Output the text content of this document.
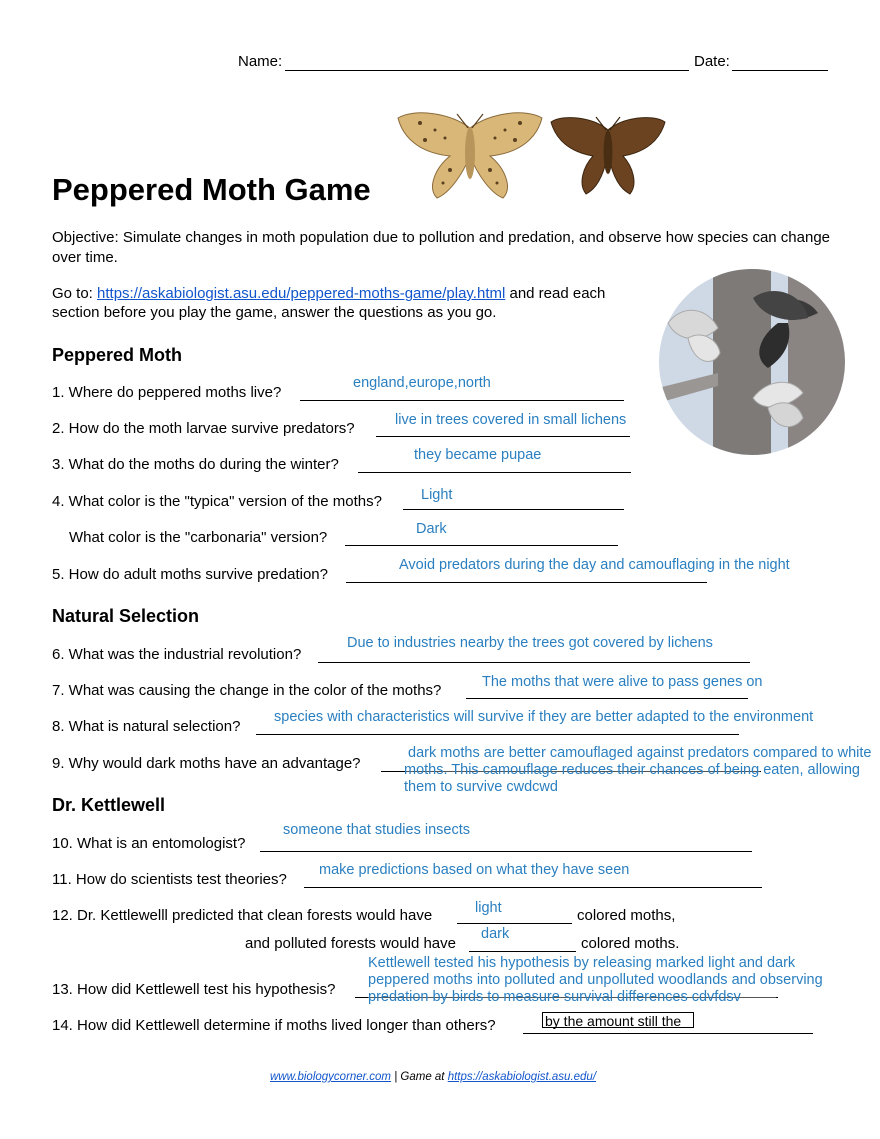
Name:	Date:
Peppered Moth Game
Objective: Simulate changes in moth population due to pollution and predation, and observe how species can change over time.
Go to: https://askabiologist.asu.edu/peppered-moths-game/play.html and read each
section before you play the game, answer the questions as you go.
Peppered Moth
1. Where do peppered moths live?
england,europe,north
2. How do the moth larvae survive predators?	live in trees covered in small lichens
3. What do the moths do during the winter?
they became pupae
4. What color is the "typica" version of the moths?	Light
What color is the "carbonaria" version?	Dark
5. How do adult moths survive predation?
Avoid predators during the day and camouflaging in the night
Natural Selection
6. What was the industrial revolution?
Due to industries nearby the trees got covered by lichens
7. What was causing the change in the color of the moths?	The moths that were alive to pass genes on
8. What is natural selection?
species with characteristics will survive if they are better adapted to the environment
9. Why would dark moths have an advantage?
dark moths are better camouflaged against predators compared to white moths. This camouflage reduces their chances of being eaten, allowing them to survive cwdcwd
Dr. Kettlewell
10. What is an entomologist?
someone that studies insects
11. How do scientists test theories?
make predictions based on what they have seen
12. Dr. Kettlewelll predicted that clean forests would have	colored moths,
light
and polluted forests would have	colored moths.
dark
13. How did Kettlewell test his hypothesis?
Kettlewell tested his hypothesis by releasing marked light and dark peppered moths into polluted and unpolluted woodlands and observing predation by birds to measure survival differences cdvfdsv
14. How did Kettlewell determine if moths lived longer than others?	by the amount still the
www.biologycorner.com | Game at https://askabiologist.asu.edu/
